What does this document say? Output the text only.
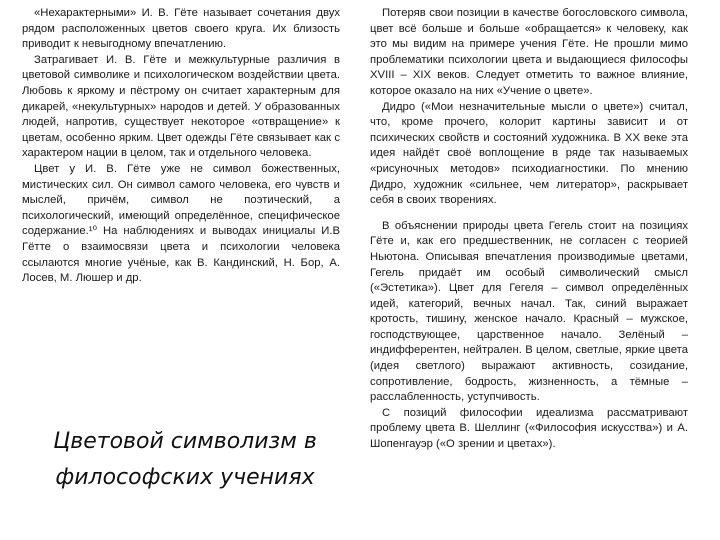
«Нехарактерными» И. В. Гёте называет сочетания двух рядом расположенных цветов своего круга. Их близость приводит к невыгодному впечатлению.

Затрагивает И. В. Гёте и межкультурные различия в цветовой символике и психологическом воздействии цвета. Любовь к яркому и пёстрому он считает характерным для дикарей, «некультурных» народов и детей. У образованных людей, напротив, существует некоторое «отвращение» к цветам, особенно ярким. Цвет одежды Гёте связывает как с характером нации в целом, так и отдельного человека.

Цвет у И. В. Гёте уже не символ божественных, мистических сил. Он символ самого человека, его чувств и мыслей, причём, символ не поэтический, а психологический, имеющий определённое, специфическое содержание.¹⁰ На наблюдениях и выводах инициалы И.В Гётте о взаимосвязи цвета и психологии человека ссылаются многие учёные, как В. Кандинский, Н. Бор, А. Лосев, М. Люшер и др.

Цветовой символизм в
философских учениях

Потеряв свои позиции в качестве богословского символа, цвет всё больше и больше «обращается» к человеку, как это мы видим на примере учения Гёте. Не прошли мимо проблематики психологии цвета и выдающиеся философы XVIII – XIX веков. Следует отметить то важное влияние, которое оказало на них «Учение о цвете».

Дидро («Мои незначительные мысли о цвете») считал, что, кроме прочего, колорит картины зависит и от психических свойств и состояний художника. В XX веке эта идея найдёт своё воплощение в ряде так называемых «рисуночных методов» психодиагностики. По мнению Дидро, художник «сильнее, чем литератор», раскрывает себя в своих творениях.

В объяснении природы цвета Гегель стоит на позициях Гёте и, как его предшественник, не согласен с теорией Ньютона. Описывая впечатления производимые цветами, Гегель придаёт им особый символический смысл («Эстетика»). Цвет для Гегеля – символ определённых идей, категорий, вечных начал. Так, синий выражает кротость, тишину, женское начало. Красный – мужское, господствующее, царственное начало. Зелёный – индифферентен, нейтрален. В целом, светлые, яркие цвета (идея светлого) выражают активность, созидание, сопротивление, бодрость, жизненность, а тёмные – расслабленность, уступчивость.

С позиций философии идеализма рассматривают проблему цвета В. Шеллинг («Философия искусства») и А. Шопенгауэр («О зрении и цветах»).
